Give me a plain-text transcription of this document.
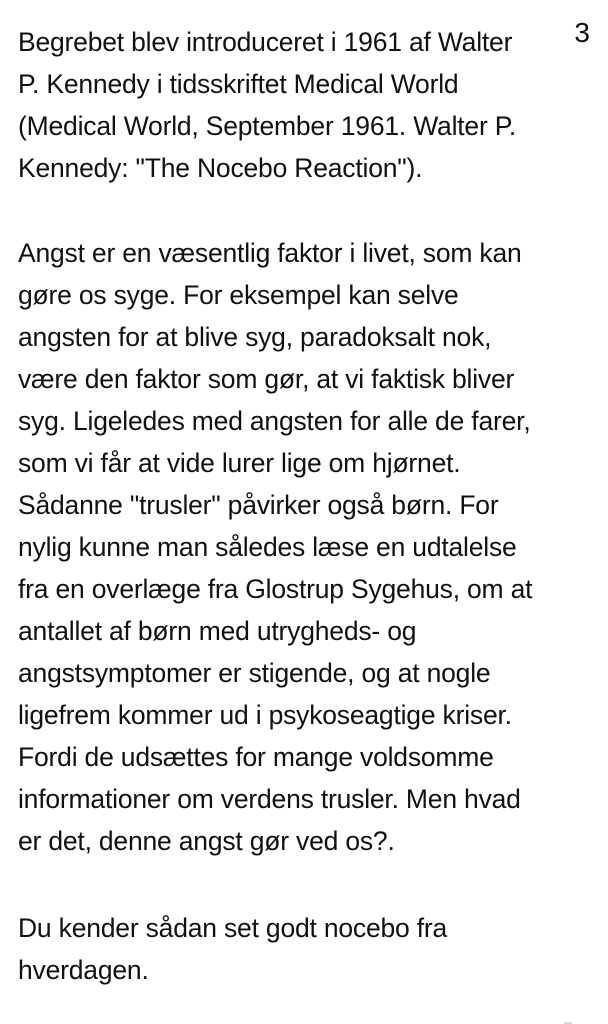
3
Begrebet blev introduceret i 1961 af Walter
P. Kennedy i tidsskriftet Medical World
(Medical World, September 1961. Walter P.
Kennedy: "The Nocebo Reaction").
Angst er en væsentlig faktor i livet, som kan
gøre os syge. For eksempel kan selve
angsten for at blive syg, paradoksalt nok,
være den faktor som gør, at vi faktisk bliver
syg. Ligeledes med angsten for alle de farer,
som vi får at vide lurer lige om hjørnet.
Sådanne "trusler" påvirker også børn. For
nylig kunne man således læse en udtalelse
fra en overlæge fra Glostrup Sygehus, om at
antallet af børn med utrygheds- og
angstsymptomer er stigende, og at nogle
ligefrem kommer ud i psykoseagtige kriser.
Fordi de udsættes for mange voldsomme
informationer om verdens trusler. Men hvad
er det, denne angst gør ved os?.
Du kender sådan set godt nocebo fra
hverdagen.
